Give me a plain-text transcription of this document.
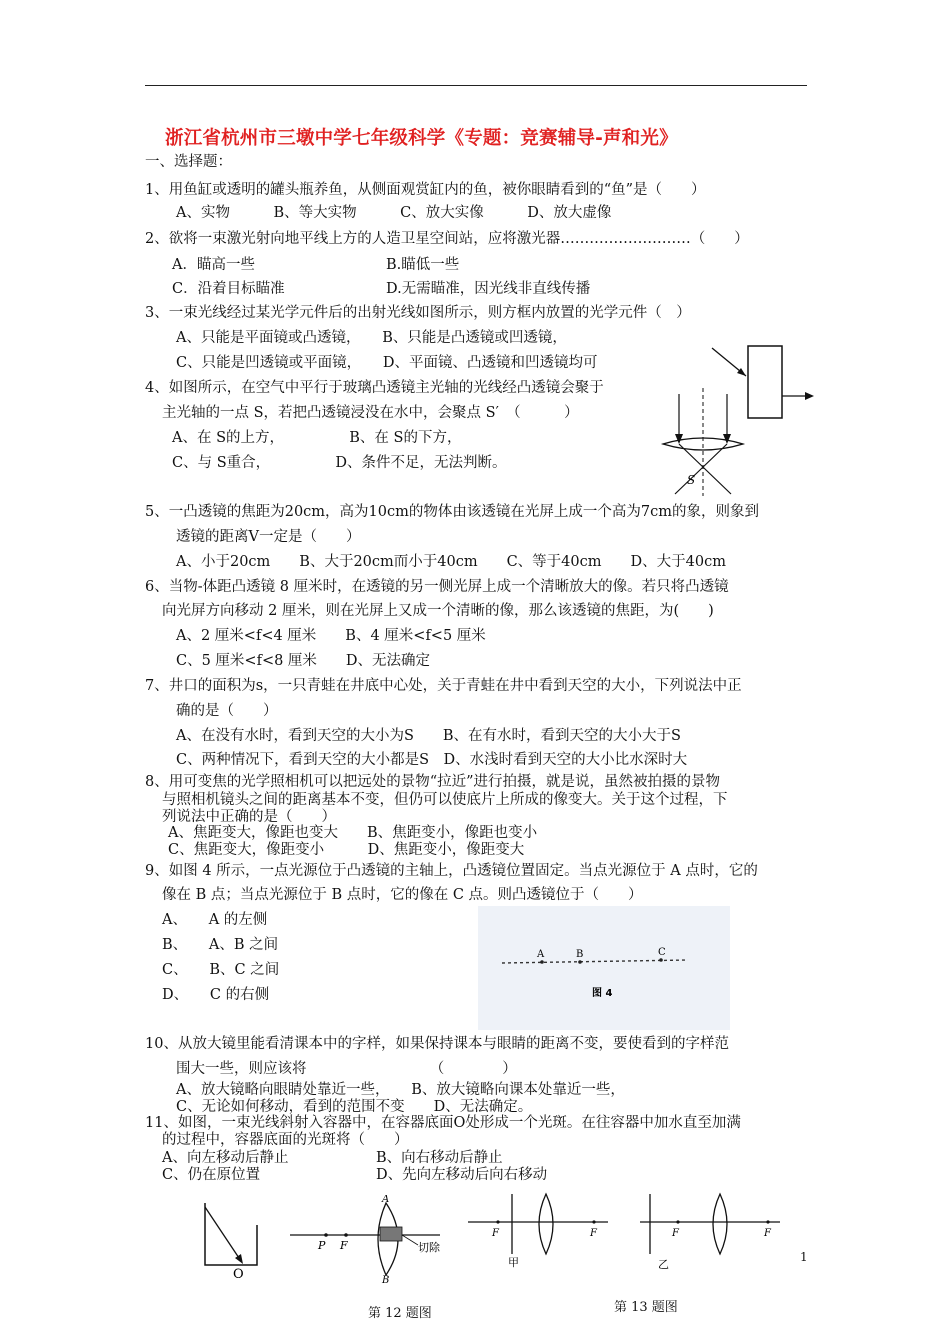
浙江省杭州市三墩中学七年级科学《专题：竞赛辅导-声和光》
一、选择题：
1、用鱼缸或透明的罐头瓶养鱼，从侧面观赏缸内的鱼，被你眼睛看到的“鱼”是（　　）
A、实物　　　B、等大实物　　　C、放大实像　　　D、放大虚像
2、欲将一束激光射向地平线上方的人造卫星空间站，应将激光器………………………（　　）
A．瞄高一些	B.瞄低一些
C．沿着目标瞄准	D.无需瞄准，因光线非直线传播
3、一束光线经过某光学元件后的出射光线如图所示，则方框内放置的光学元件（　）
A、只能是平面镜或凸透镜，　　B、只能是凸透镜或凹透镜，
C、只能是凹透镜或平面镜，　　D、平面镜、凸透镜和凹透镜均可
4、如图所示，在空气中平行于玻璃凸透镜主光轴的光线经凸透镜会聚于
主光轴的一点 S，若把凸透镜浸没在水中，会聚点 S′　（　　　）
A、在 S的上方，　　　　　B、在 S的下方，
C、与 S重合，　　　　　D、条件不足，无法判断。
S
5、一凸透镜的焦距为20cm，高为10cm的物体由该透镜在光屏上成一个高为7cm的象，则象到
透镜的距离V一定是（　　）
A、小于20cm　　B、大于20cm而小于40cm　　C、等于40cm　　D、大于40cm
6、当物-体距凸透镜 8 厘米时，在透镜的另一侧光屏上成一个清晰放大的像。若只将凸透镜
向光屏方向移动 2 厘米，则在光屏上又成一个清晰的像，那么该透镜的焦距，为(　　)
A、2 厘米<f<4 厘米　　B、4 厘米<f<5 厘米
C、5 厘米<f<8 厘米　　D、无法确定
7、井口的面积为s，一只青蛙在井底中心处，关于青蛙在井中看到天空的大小，下列说法中正
确的是（　　）
A、在没有水时，看到天空的大小为S　　B、在有水时，看到天空的大小大于S
C、两种情况下，看到天空的大小都是S　D、水浅时看到天空的大小比水深时大
8、用可变焦的光学照相机可以把远处的景物“拉近”进行拍摄，就是说，虽然被拍摄的景物
与照相机镜头之间的距离基本不变，但仍可以使底片上所成的像变大。关于这个过程，下
列说法中正确的是（　　）
A、焦距变大，像距也变大　　B、焦距变小，像距也变小
C、焦距变大，像距变小　　　D、焦距变小，像距变大
9、如图 4 所示，一点光源位于凸透镜的主轴上，凸透镜位置固定。当点光源位于 A 点时，它的
像在 B 点；当点光源位于 B 点时，它的像在 C 点。则凸透镜位于（　　）
A、　　A 的左侧
B、　　A、B 之间
C、　　B、C 之间
D、　　C 的右侧
A	B	C
图 4
10、从放大镜里能看清课本中的字样，如果保持课本与眼睛的距离不变，要使看到的字样范
围大一些，则应该将　　　　　　　　　（　　　　）
A、放大镜略向眼睛处靠近一些，　　B、放大镜略向课本处靠近一些，
C、无论如何移动，看到的范围不变　　D、无法确定。
11、如图，一束光线斜射入容器中，在容器底面O处形成一个光斑。在往容器中加水直至加满
的过程中，容器底面的光斑将（　　）
A、向左移动后静止	B、向右移动后静止
C、仍在原位置	D、先向左移动后向右移动
O
P F
A
B
切除
F	F
甲
F	F
乙
1
第 12 题图	第 13 题图
